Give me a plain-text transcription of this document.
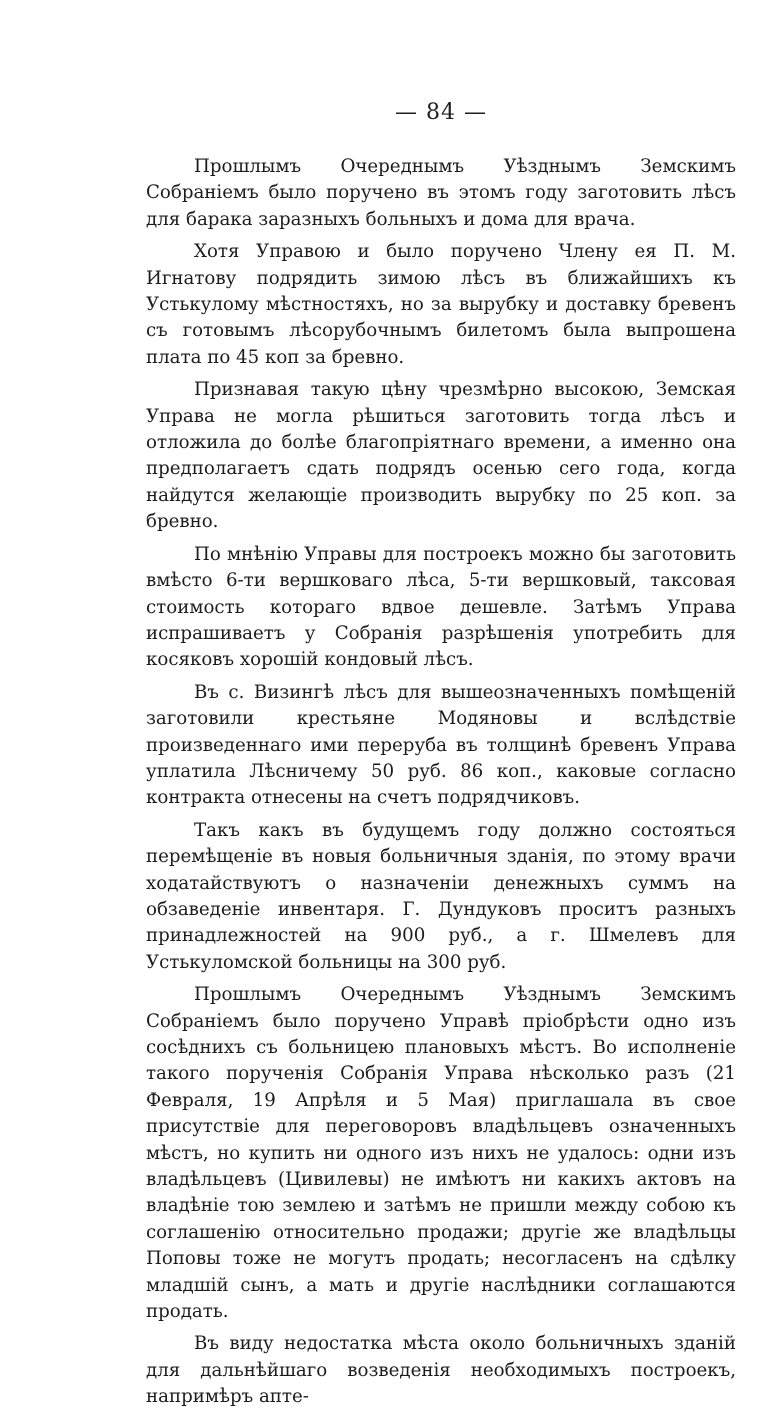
— 84 —

Прошлымъ Очереднымъ Уѣзднымъ Земскимъ Собраніемъ было поручено въ этомъ году заготовить лѣсъ для барака заразныхъ больныхъ и дома для врача.

Хотя Управою и было поручено Члену ея П. М. Игнатову подрядить зимою лѣсъ въ ближайшихъ къ Устькулому мѣстностяхъ, но за вырубку и доставку бревенъ съ готовымъ лѣсорубочнымъ билетомъ была выпрошена плата по 45 коп за бревно.

Признавая такую цѣну чрезмѣрно высокою, Земская Управа не могла рѣшиться заготовить тогда лѣсъ и отложила до болѣе благопріятнаго времени, а именно она предполагаетъ сдать подрядъ осенью сего года, когда найдутся желающіе производить вырубку по 25 коп. за бревно.

По мнѣнію Управы для построекъ можно бы заготовить вмѣсто 6-ти вершковаго лѣса, 5-ти вершковый, таксовая стоимость котораго вдвое дешевле. Затѣмъ Управа испрашиваетъ у Собранія разрѣшенія употребить для косяковъ хорошій кондовый лѣсъ.

Въ с. Визингѣ лѣсъ для вышеозначенныхъ помѣщеній заготовили крестьяне Модяновы и вслѣдствіе произведеннаго ими переруба въ толщинѣ бревенъ Управа уплатила Лѣсничему 50 руб. 86 коп., каковые согласно контракта отнесены на счетъ подрядчиковъ.

Такъ какъ въ будущемъ году должно состояться перемѣщеніе въ новыя больничныя зданія, по этому врачи ходатайствуютъ о назначеніи денежныхъ суммъ на обзаведеніе инвентаря. Г. Дундуковъ проситъ разныхъ принадлежностей на 900 руб., а г. Шмелевъ для Устькуломской больницы на 300 руб.

Прошлымъ Очереднымъ Уѣзднымъ Земскимъ Собраніемъ было поручено Управѣ пріобрѣсти одно изъ сосѣднихъ съ больницею плановыхъ мѣстъ. Во исполненіе такого порученія Собранія Управа нѣсколько разъ (21 Февраля, 19 Апрѣля и 5 Мая) приглашала въ свое присутствіе для переговоровъ владѣльцевъ означенныхъ мѣстъ, но купить ни одного изъ нихъ не удалось: одни изъ владѣльцевъ (Цивилевы) не имѣютъ ни какихъ актовъ на владѣніе тою землею и затѣмъ не пришли между собою къ соглашенію относительно продажи; другіе же владѣльцы Поповы тоже не могутъ продать; несогласенъ на сдѣлку младшій сынъ, а мать и другіе наслѣдники соглашаются продать.

Въ виду недостатка мѣста около больничныхъ зданій для дальнѣйшаго возведенія необходимыхъ построекъ, напримѣръ апте-
